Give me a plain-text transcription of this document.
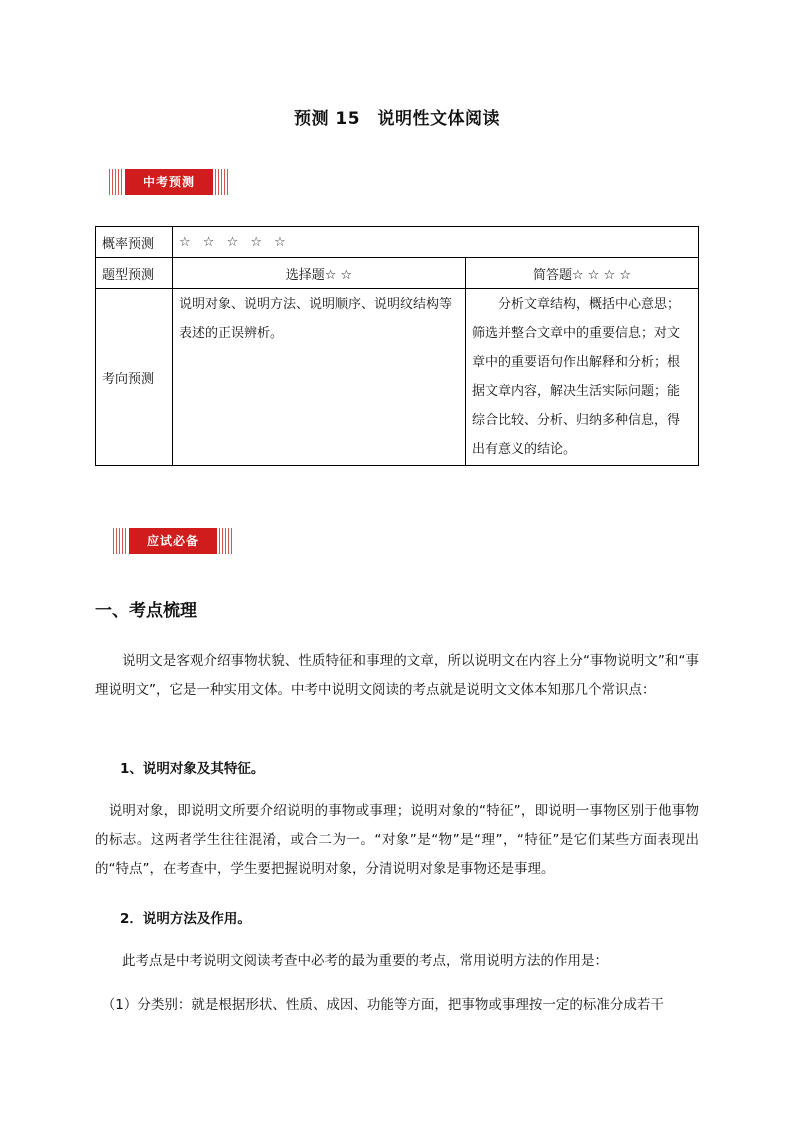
预测 15　说明性文体阅读
中考预测
概率预测	☆ ☆ ☆ ☆ ☆	
题型预测	选择题☆ ☆	简答题☆ ☆ ☆ ☆
考向预测	说明对象、说明方法、说明顺序、说明纹结构等表述的正误辨析。	　　分析文章结构，概括中心意思；筛选并整合文章中的重要信息；对文章中的重要语句作出解释和分析；根据文章内容，解决生活实际问题；能综合比较、分析、归纳多种信息，得出有意义的结论。
应试必备
一、考点梳理
　　说明文是客观介绍事物状貌、性质特征和事理的文章，所以说明文在内容上分“事物说明文”和“事理说明文”，它是一种实用文体。中考中说明文阅读的考点就是说明文文体本知那几个常识点：
1、说明对象及其特征。
　说明对象，即说明文所要介绍说明的事物或事理；说明对象的“特征”，即说明一事物区别于他事物的标志。这两者学生往往混淆，或合二为一。“对象”是“物”是“理”，“特征”是它们某些方面表现出的“特点”，在考查中，学生要把握说明对象，分清说明对象是事物还是事理。
2．说明方法及作用。
　　此考点是中考说明文阅读考查中必考的最为重要的考点，常用说明方法的作用是：
　（1）分类别：就是根据形状、性质、成因、功能等方面，把事物或事理按一定的标准分成若干
